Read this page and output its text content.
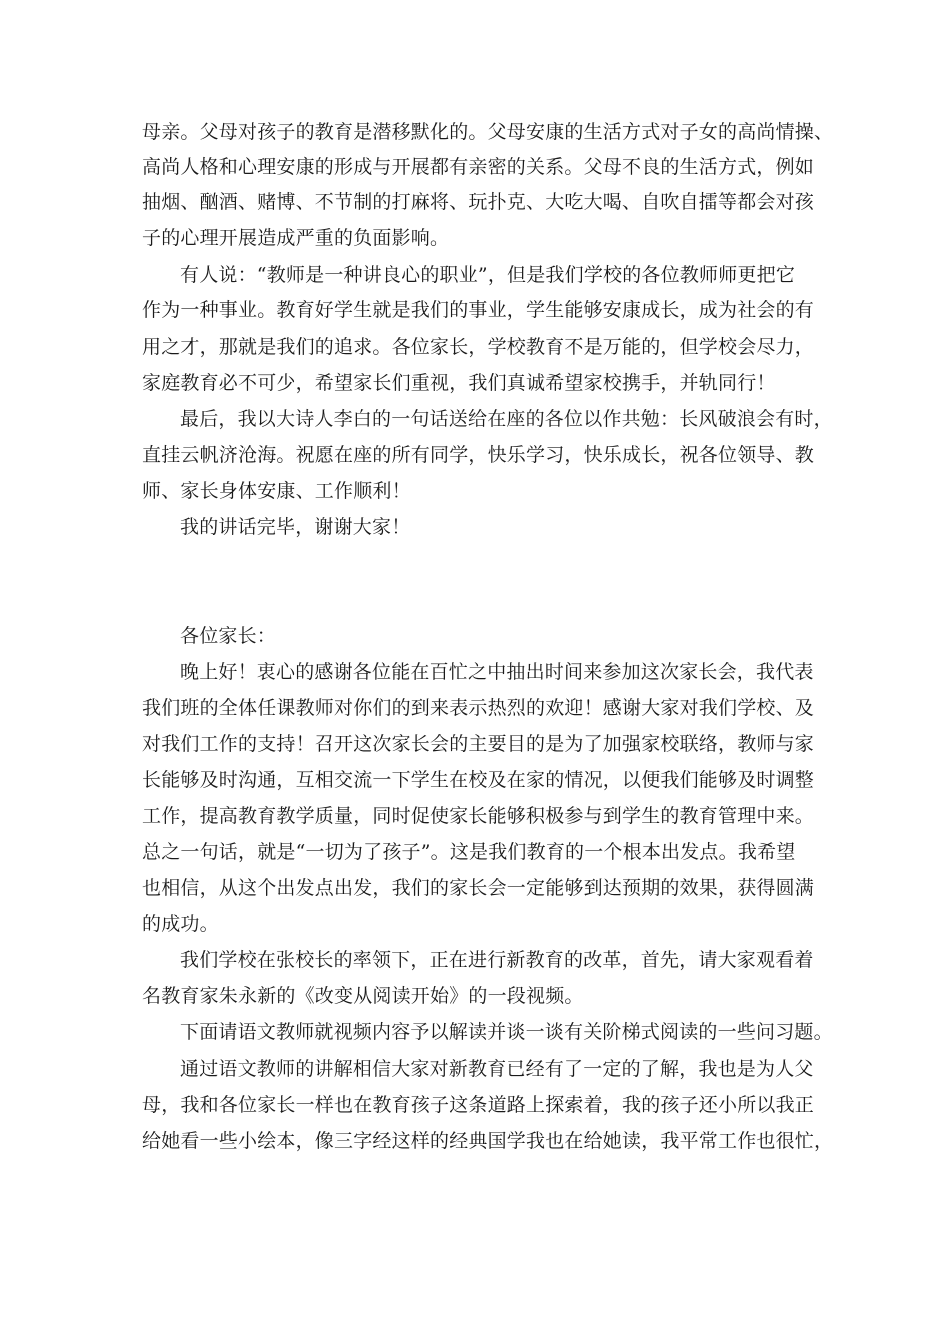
母亲。父母对孩子的教育是潜移默化的。父母安康的生活方式对子女的高尚情操、
高尚人格和心理安康的形成与开展都有亲密的关系。父母不良的生活方式，例如
抽烟、酗酒、赌博、不节制的打麻将、玩扑克、大吃大喝、自吹自擂等都会对孩
子的心理开展造成严重的负面影响。
有人说：“教师是一种讲良心的职业”，但是我们学校的各位教师师更把它
作为一种事业。教育好学生就是我们的事业，学生能够安康成长，成为社会的有
用之才，那就是我们的追求。各位家长，学校教育不是万能的，但学校会尽力，
家庭教育必不可少，希望家长们重视，我们真诚希望家校携手，并轨同行！
最后，我以大诗人李白的一句话送给在座的各位以作共勉：长风破浪会有时，
直挂云帆济沧海。祝愿在座的所有同学，快乐学习，快乐成长，祝各位领导、教
师、家长身体安康、工作顺利！
我的讲话完毕，谢谢大家！
各位家长：
晚上好！衷心的感谢各位能在百忙之中抽出时间来参加这次家长会，我代表
我们班的全体任课教师对你们的到来表示热烈的欢迎！感谢大家对我们学校、及
对我们工作的支持！召开这次家长会的主要目的是为了加强家校联络，教师与家
长能够及时沟通，互相交流一下学生在校及在家的情况，以便我们能够及时调整
工作，提高教育教学质量，同时促使家长能够积极参与到学生的教育管理中来。
总之一句话，就是“一切为了孩子”。这是我们教育的一个根本出发点。我希望
也相信，从这个出发点出发，我们的家长会一定能够到达预期的效果，获得圆满
的成功。
我们学校在张校长的率领下，正在进行新教育的改革，首先，请大家观看着
名教育家朱永新的《改变从阅读开始》的一段视频。
下面请语文教师就视频内容予以解读并谈一谈有关阶梯式阅读的一些问习题。
通过语文教师的讲解相信大家对新教育已经有了一定的了解，我也是为人父
母，我和各位家长一样也在教育孩子这条道路上探索着，我的孩子还小所以我正
给她看一些小绘本，像三字经这样的经典国学我也在给她读，我平常工作也很忙，
